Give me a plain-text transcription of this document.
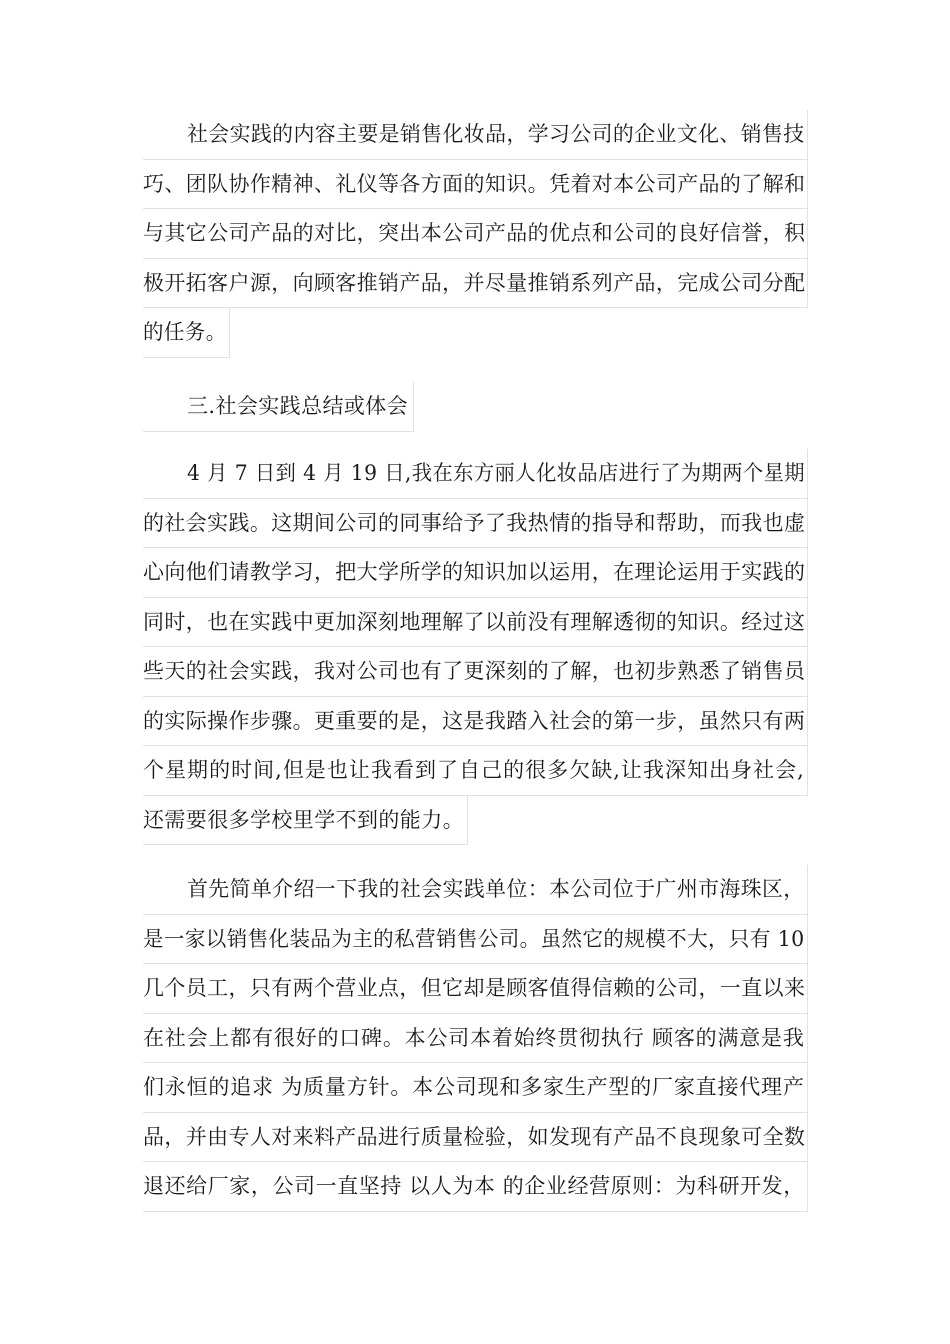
社会实践的内容主要是销售化妆品，学习公司的企业文化、销售技
巧、团队协作精神、礼仪等各方面的知识。凭着对本公司产品的了解和
与其它公司产品的对比，突出本公司产品的优点和公司的良好信誉，积
极开拓客户源，向顾客推销产品，并尽量推销系列产品，完成公司分配
的任务。
三.社会实践总结或体会
4 月 7 日到 4 月 19 日,我在东方丽人化妆品店进行了为期两个星期
的社会实践。这期间公司的同事给予了我热情的指导和帮助，而我也虚
心向他们请教学习，把大学所学的知识加以运用，在理论运用于实践的
同时，也在实践中更加深刻地理解了以前没有理解透彻的知识。经过这
些天的社会实践，我对公司也有了更深刻的了解，也初步熟悉了销售员
的实际操作步骤。更重要的是，这是我踏入社会的第一步，虽然只有两
个星期的时间,但是也让我看到了自己的很多欠缺,让我深知出身社会,
还需要很多学校里学不到的能力。
首先简单介绍一下我的社会实践单位：本公司位于广州市海珠区，
是一家以销售化装品为主的私营销售公司。虽然它的规模不大，只有 10
几个员工，只有两个营业点，但它却是顾客值得信赖的公司，一直以来
在社会上都有很好的口碑。本公司本着始终贯彻执行 顾客的满意是我
们永恒的追求 为质量方针。本公司现和多家生产型的厂家直接代理产
品，并由专人对来料产品进行质量检验，如发现有产品不良现象可全数
退还给厂家，公司一直坚持 以人为本 的企业经营原则：为科研开发，
